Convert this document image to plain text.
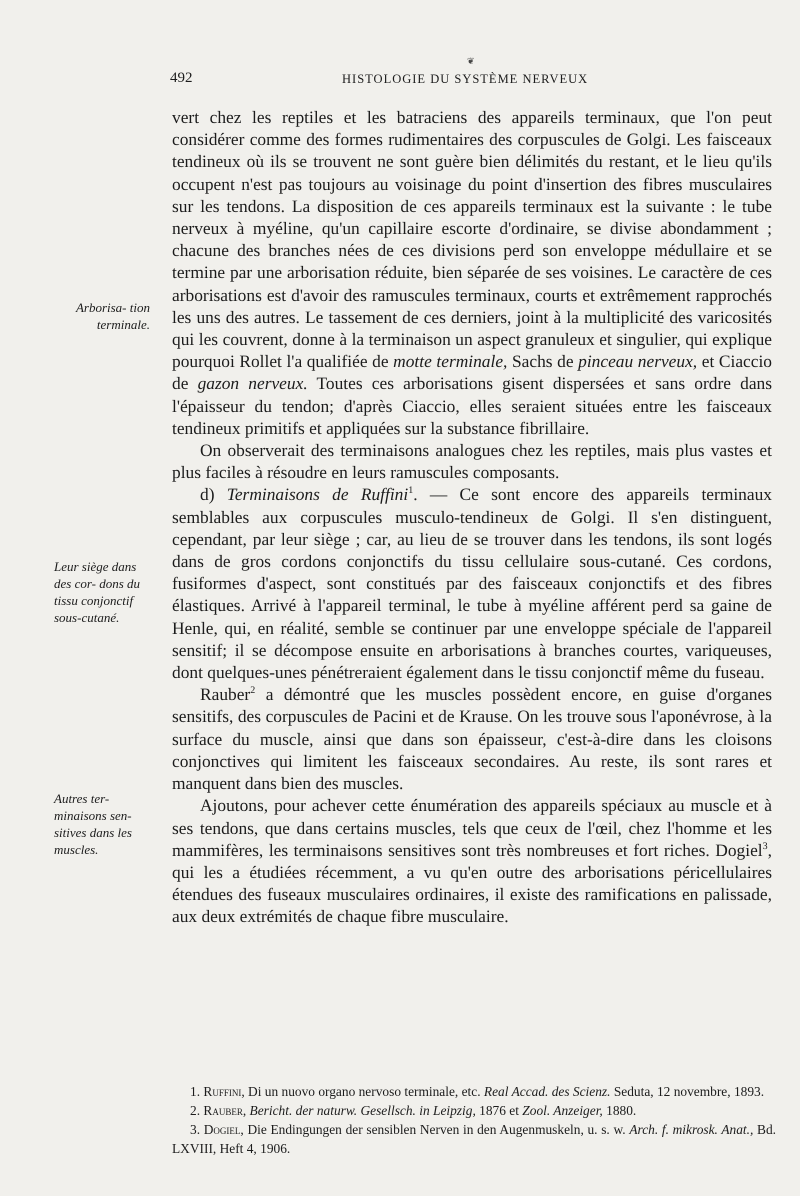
❦
492	HISTOLOGIE DU SYSTÈME NERVEUX
Arborisa- tion terminale.
Leur siège dans des cor- dons du tissu conjonctif sous-cutané.
Autres ter- minaisons sen- sitives dans les muscles.

vert chez les reptiles et les batraciens des appareils terminaux, que l'on peut considérer comme des formes rudimentaires des corpuscules de Golgi. Les faisceaux tendineux où ils se trouvent ne sont guère bien délimités du restant, et le lieu qu'ils occupent n'est pas toujours au voisinage du point d'insertion des fibres musculaires sur les tendons. La disposition de ces appareils terminaux est la suivante : le tube nerveux à myéline, qu'un capillaire escorte d'ordinaire, se divise abondamment ; chacune des branches nées de ces divisions perd son enveloppe médullaire et se termine par une arborisation réduite, bien séparée de ses voisines. Le caractère de ces arborisations est d'avoir des ramuscules terminaux, courts et extrêmement rapprochés les uns des autres. Le tassement de ces derniers, joint à la multiplicité des varicosités qui les couvrent, donne à la terminaison un aspect granuleux et singulier, qui explique pourquoi Rollet l'a qualifiée de motte terminale, Sachs de pinceau nerveux, et Ciaccio de gazon nerveux. Toutes ces arborisations gisent dispersées et sans ordre dans l'épaisseur du tendon; d'après Ciaccio, elles seraient situées entre les faisceaux tendineux primitifs et appliquées sur la substance fibrillaire.

On observerait des terminaisons analogues chez les reptiles, mais plus vastes et plus faciles à résoudre en leurs ramuscules composants.

d) Terminaisons de Ruffini$^1$. — Ce sont encore des appareils terminaux semblables aux corpuscules musculo-tendineux de Golgi. Il s'en distinguent, cependant, par leur siège ; car, au lieu de se trouver dans les tendons, ils sont logés dans de gros cordons conjonctifs du tissu cellulaire sous-cutané. Ces cordons, fusiformes d'aspect, sont constitués par des faisceaux conjonctifs et des fibres élastiques. Arrivé à l'appareil terminal, le tube à myéline afférent perd sa gaine de Henle, qui, en réalité, semble se continuer par une enveloppe spéciale de l'appareil sensitif; il se décompose ensuite en arborisations à branches courtes, variqueuses, dont quelques-unes pénétreraient également dans le tissu conjonctif même du fuseau.

Rauber$^2$ a démontré que les muscles possèdent encore, en guise d'organes sensitifs, des corpuscules de Pacini et de Krause. On les trouve sous l'aponévrose, à la surface du muscle, ainsi que dans son épaisseur, c'est-à-dire dans les cloisons conjonctives qui limitent les faisceaux secondaires. Au reste, ils sont rares et manquent dans bien des muscles.

Ajoutons, pour achever cette énumération des appareils spéciaux au muscle et à ses tendons, que dans certains muscles, tels que ceux de l'œil, chez l'homme et les mammifères, les terminaisons sensitives sont très nombreuses et fort riches. Dogiel$^3$, qui les a étudiées récemment, a vu qu'en outre des arborisations péricellulaires étendues des fuseaux musculaires ordinaires, il existe des ramifications en palissade, aux deux extrémités de chaque fibre musculaire.

1. Ruffini, Di un nuovo organo nervoso terminale, etc. Real Accad. des Scienz. Seduta, 12 novembre, 1893.

2. Rauber, Bericht. der naturw. Gesellsch. in Leipzig, 1876 et Zool. Anzeiger, 1880.

3. Dogiel, Die Endingungen der sensiblen Nerven in den Augenmuskeln, u. s. w. Arch. f. mikrosk. Anat., Bd. LXVIII, Heft 4, 1906.
